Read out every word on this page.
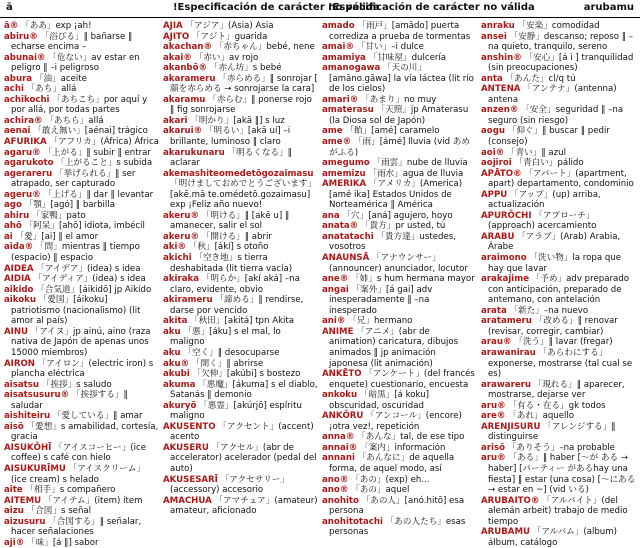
ā	!Especificación de carácter no válida
!Especificación de carácter no válida	arubamu

ā® 「ああ」exp ¡ah!

abiru® 「浴びる」‖ bañarse ‖ echarse encima –

abunai® 「危ない」av estar en peligro ‖ –i peligroso

abura 「油」aceite

achi 「あち」allá

achikochi 「あちこち」por aquí y por allá, por todas partes

achira® 「あちら」allá

aenai 「敢え無い」[aénai] trágico

AFURIKA 「アフリカ」(África) África

agaru® 「上がる」‖ subir ‖ entrar

agarukoto 「上がること」s subida

agerareru 「挙げられる」‖ ser atrapado, ser capturado

ageru® 「上げる」‖ dar ‖ levantar

ago 「顎」[agó] ‖ barbilla

ahiru 「家鴨」pato

ahō 「阿呆」[ahō] idiota, imbécil

ai 「愛」[ai] ‖ el amor

aida® 「間」mientras ‖ tiempo (espacio) ‖ espacio

AIDEA 「アイデア」(idea) s idea

AIDIA 「アイディア」(idea) s idea

aikido 「合気道」[áikidō] jp Aikido

aikoku 「愛国」[áikoku] patriotismo (nacionalismo) (lit amor al país)

AINU 「アイヌ」jp ainú, aino (raza nativa de Japón de apenas unos 15000 miembros)

AIRON 「アイロン」(electric iron) s plancha eléctrica

aisatsu 「挨拶」s saludo

aisatsusuru® 「挨拶する」‖ saludar

aishiteiru 「愛している」‖ amar

aisō 「愛想」s amabilidad, cortesía, gracia

AISUKŌHĪ 「アイスコーヒー」(ice coffee) s café con hielo

AISUKURĪMU 「アイスクリーム」(ice cream) s helado

aite 「相手」s compañero

AITEMU 「アイテム」(item) ítem

aizu 「合図」s señal

aizusuru 「合図する」‖ señalar, hacer señalaciones

aji® 「味」[á ‖] sabor

AJIA 「アジア」(Asia) Asia

AJITO 「アジト」guarida

akachan® 「赤ちゃん」bebé, nene

akai® 「赤い」av rojo

akanbō® 「赤ん坊」s bebé

akarameru 「赤らめる」‖ sonrojar [ 顔を赤らめる → sonrojarse la cara]

akaramu 「赤らむ」‖ ponerse rojo ‖ fig sonrojarse

akari 「明かり」[akā ‖] s luz

akarui® 「明るい」[akā uí] –i brillante, luminoso ‖ claro

akarukunaru 「明るくなる」‖ aclarar

akemashiteomedetōgozaimasu 「明けましておめでとうございます」[akē.mā te.omédetō.gozaimasu] exp ¡Feliz año nuevo!

akeru® 「明ける」‖ [akē u] ‖ amanecer, salir el sol

akeru® 「開ける」‖ abrir

aki® 「秋」[ákí] s otoño

akichi 「空き地」s tierra deshabitada (lit tierra vacía)

akiraka 「明らか」[akí aká] –na claro, evidente, obvio

akirameru 「諦める」‖ rendirse, darse por vencido

akita 「秋田」[akitá] tpn Akita

aku 「悪」[áku] s el mal, lo maligno

aku 「空く」‖ desocuparse

aku® 「開く」‖ abrirse

akubi 「欠伸」[akúbi] s bostezo

akuma 「悪魔」[ákuma] s el diablo, Satanás ‖ demonio

akuryō 「悪霊」[akúrjō] espíritu maligno

AKUSENTO 「アクセント」(accent) acento

AKUSERU 「アクセル」(abr de accelerator) acelerador (pedal del auto)

AKUSESARĪ 「アクセサリー」(accessory) accesorio

AMACHUA 「アマチュア」(amateur) amateur, aficionado

amado 「雨戸」[amādo] puerta corrediza a prueba de tormentas

amai® 「甘い」–i dulce

amamiya 「甘味屋」dulcería

amanogawa 「天の川」[amāno.gāwa] la vía láctea (lit río de los cielos)

amari® 「あまり」no muy

amaterasu 「天照」jp Amaterasu (la Diosa sol de Japón)

ame 「飴」[amé] caramelo

ame® 「雨」[ámé] lluvia (vid あめがふる)

amegumo 「雨雲」nube de lluvia

amemizu 「雨水」agua de lluvia

AMERIKA 「アメリカ」(America) [amé ika] Estados Unidos de Norteamérica ‖ América

ana 「穴」[aná] agujero, hoyo

anata® 「貴方」pr usted, tú

anatatachi 「貴方達」ustedes, vosotros

ANAUNSĀ 「アナウンサー」(announcer) anunciador, locutor

ane® 「姉」s hum hermana mayor

angai 「案外」[á gai] adv inesperadamente ‖ –na inesperado

ani® 「兄」hermano

ANIME 「アニメ」(abr de animation) caricatura, dibujos animados ‖ jp animación japonesa (lit animación)

ANKĒTO 「アンケート」(del francés enquete) cuestionario, encuesta

ankoku 「暗黒」[á koku] obscuridad, oscuridad

ANKŌRU 「アンコール」(encore) ¡otra vez!, repetición

anna® 「あんな」tal, de ese tipo

annai® 「案内」información

annani 「あんなに」de aquella forma, de aquel modo, así

ano® 「あの」(exp) eh...

ano® 「あの」aquel

anohito 「あの人」[anó.hitō] esa persona

anohitotachi 「あの人たち」esas personas

anraku 「安楽」comodidad

ansei 「安静」descanso; reposo ‖ –na quieto, tranquilo, sereno

anshin® 「安心」[á i ] tranquilidad (sin preocupaciones)

anta 「あんた」cl/q tú

ANTENA 「アンテナ」(antenna) antena

anzen® 「安全」seguridad ‖ –na seguro (sin riesgo)

aogu 「仰ぐ」‖ buscar ‖ pedir (consejo)

aoi® 「青い」‖ azul

aojiroi 「青白い」pálido

APĀTO® 「アパート」(apartment, apart) departamento, condominio

APPU 「アップ」(up) arriba, actualización

APURŌCHI 「アプローチ」(approach) acercamiento

ARABU 「アラブ」(Arab) Arabia, Árabe

araimono 「洗い物」la ropa que hay que lavar

arakajime 「予め」adv preparado con anticipación, preparado de antemano, con antelación

arata 「新た」–na nuevo

aratameru 「改める」‖ renovar (revisar, corregir, cambiar)

arau® 「洗う」‖ lavar (fregar)

arawanirau 「あらわにする」exponerse, mostrarse (tal cual se es)

arawareru 「現れる」‖ aparecer, mostrarse, dejarse ver

aru® 「有る・在る」gk todos

are® 「あれ」aquello

ARENJISURU 「アレンジする」‖ distinguirse

arisō 「ありそう」–na probable

aru® 「ある」‖ haber [～が ある → haber] [パーティー があるhay una fiesta] ‖ estar (una cosa) [～にある → estar en ~] (vid いる)

ARUBAITO® 「アルバイト」(del alemán arbeit) trabajo de medio tiempo

ARUBAMU 「アルバム」(album) álbum, catálogo
